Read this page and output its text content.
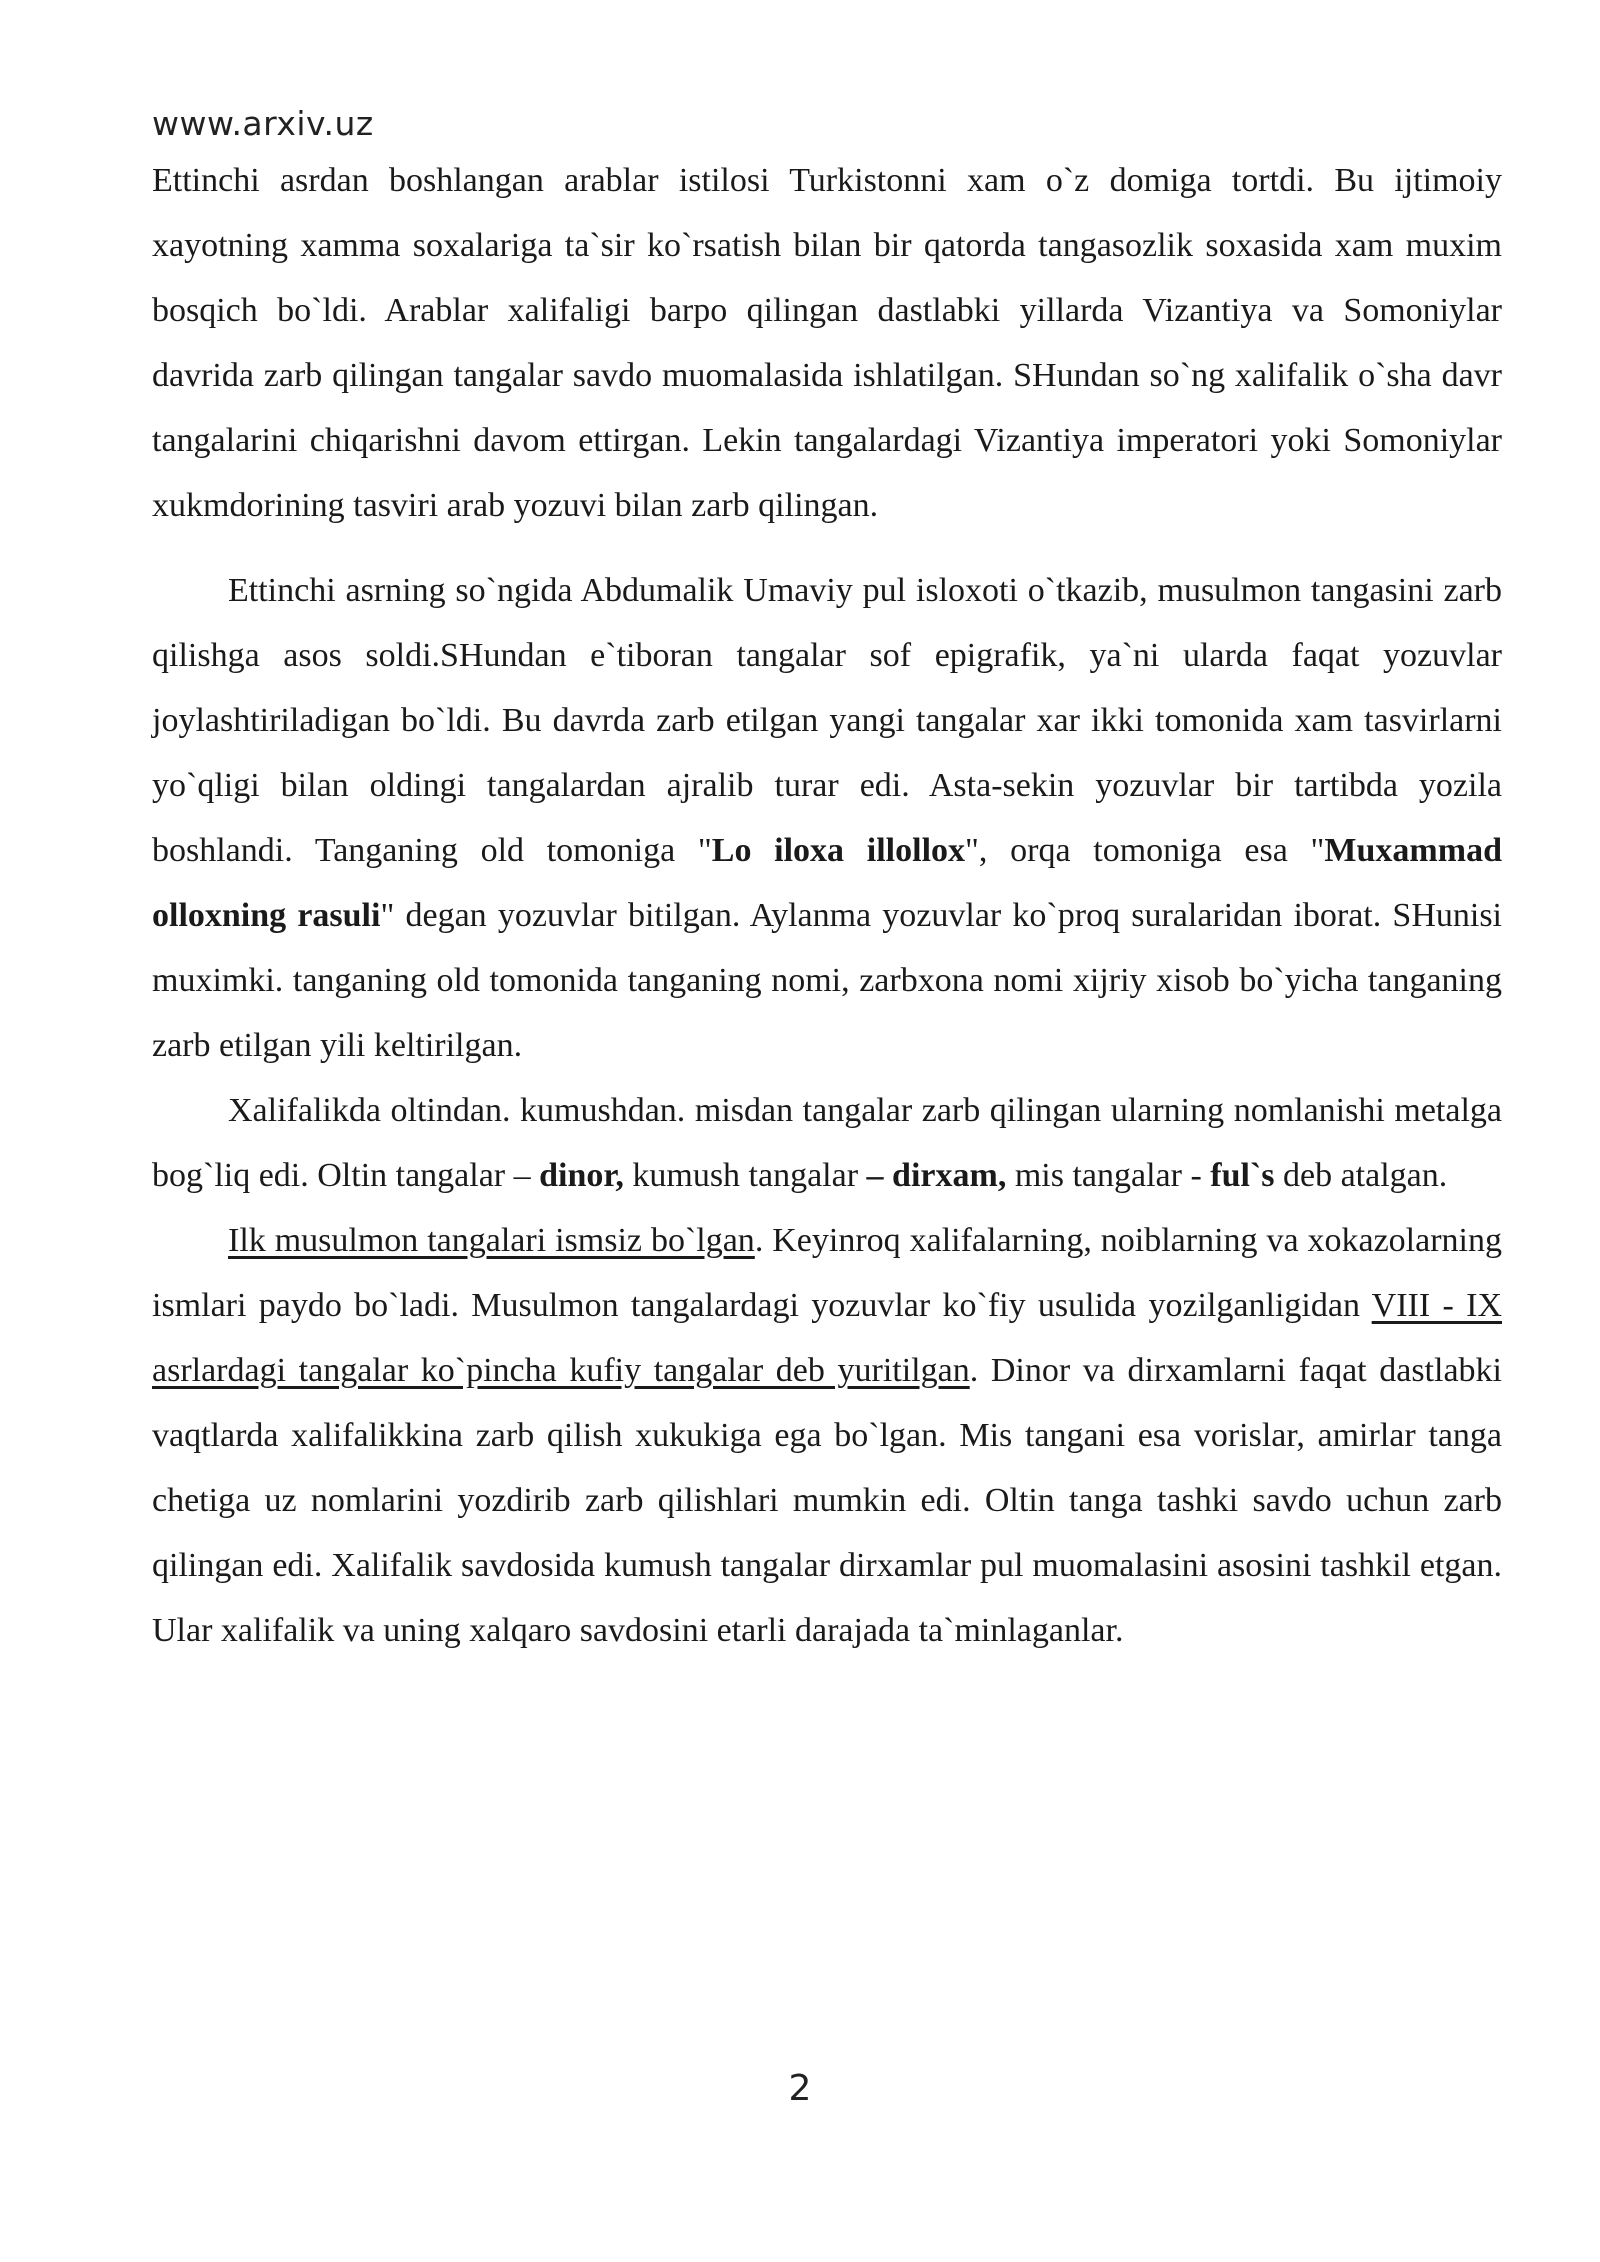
www.arxiv.uz

Ettinchi asrdan boshlangan arablar istilosi Turkistonni xam o`z domiga tortdi. Bu ijtimoiy xayotning xamma soxalariga ta`sir ko`rsatish bilan bir qatorda tangasozlik soxasida xam muxim bosqich bo`ldi. Arablar xalifaligi barpo qilingan dastlabki yillarda Vizantiya va Somoniylar davrida zarb qilingan tangalar savdo muomalasida ishlatilgan. SHundan so`ng xalifalik o`sha davr tangalarini chiqarishni davom ettirgan. Lekin tangalardagi Vizantiya imperatori yoki Somoniylar xukmdorining tasviri arab yozuvi bilan zarb qilingan.

Ettinchi asrning so`ngida Abdumalik Umaviy pul isloxoti o`tkazib, musulmon tangasini zarb qilishga asos soldi.SHundan e`tiboran tangalar sof epigrafik, ya`ni ularda faqat yozuvlar joylashtiriladigan bo`ldi. Bu davrda zarb etilgan yangi tangalar xar ikki tomonida xam tasvirlarni yo`qligi bilan oldingi tangalardan ajralib turar edi. Asta-sekin yozuvlar bir tartibda yozila boshlandi. Tanganing old tomoniga "Lo iloxa illollox", orqa tomoniga esa "Muxammad olloxning rasuli" degan yozuvlar bitilgan. Aylanma yozuvlar ko`proq suralaridan iborat. SHunisi muximki. tanganing old tomonida tanganing nomi, zarbxona nomi xijriy xisob bo`yicha tanganing zarb etilgan yili keltirilgan.

Xalifalikda oltindan. kumushdan. misdan tangalar zarb qilingan ularning nomlanishi metalga bog`liq edi. Oltin tangalar – dinor, kumush tangalar – dirxam, mis tangalar - ful`s deb atalgan.

Ilk musulmon tangalari ismsiz bo`lgan. Keyinroq xalifalarning, noiblarning va xokazolarning ismlari paydo bo`ladi. Musulmon tangalardagi yozuvlar ko`fiy usulida yozilganligidan VIII - IX asrlardagi tangalar ko`pincha kufiy tangalar deb yuritilgan. Dinor va dirxamlarni faqat dastlabki vaqtlarda xalifalikkina zarb qilish xukukiga ega bo`lgan. Mis tangani esa vorislar, amirlar tanga chetiga uz nomlarini yozdirib zarb qilishlari mumkin edi. Oltin tanga tashki savdo uchun zarb qilingan edi. Xalifalik savdosida kumush tangalar dirxamlar pul muomalasini asosini tashkil etgan. Ular xalifalik va uning xalqaro savdosini etarli darajada ta`minlaganlar.

2
